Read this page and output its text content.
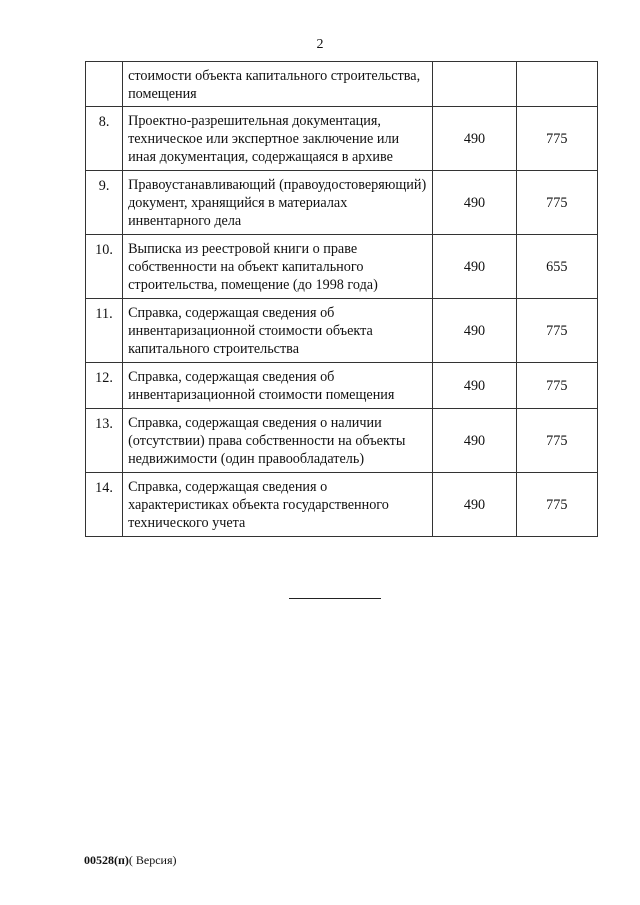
2
	стоимости объекта капитального строительства, помещения		
8.	Проектно-разрешительная документация, техническое или экспертное заключение или иная документация, содержащаяся в архиве	490	775
9.	Правоустанавливающий (правоудостоверяющий) документ, хранящийся в материалах инвентарного дела	490	775
10.	Выписка из реестровой книги о праве собственности на объект капитального строительства, помещение (до 1998 года)	490	655
11.	Справка, содержащая сведения об инвентаризационной стоимости объекта капитального строительства	490	775
12.	Справка, содержащая сведения об инвентаризационной стоимости помещения	490	775
13.	Справка, содержащая сведения о наличии (отсутствии) права собственности на объекты недвижимости (один правообладатель)	490	775
14.	Справка, содержащая сведения о характеристиках объекта государственного технического учета	490	775
00528(п)( Версия)
